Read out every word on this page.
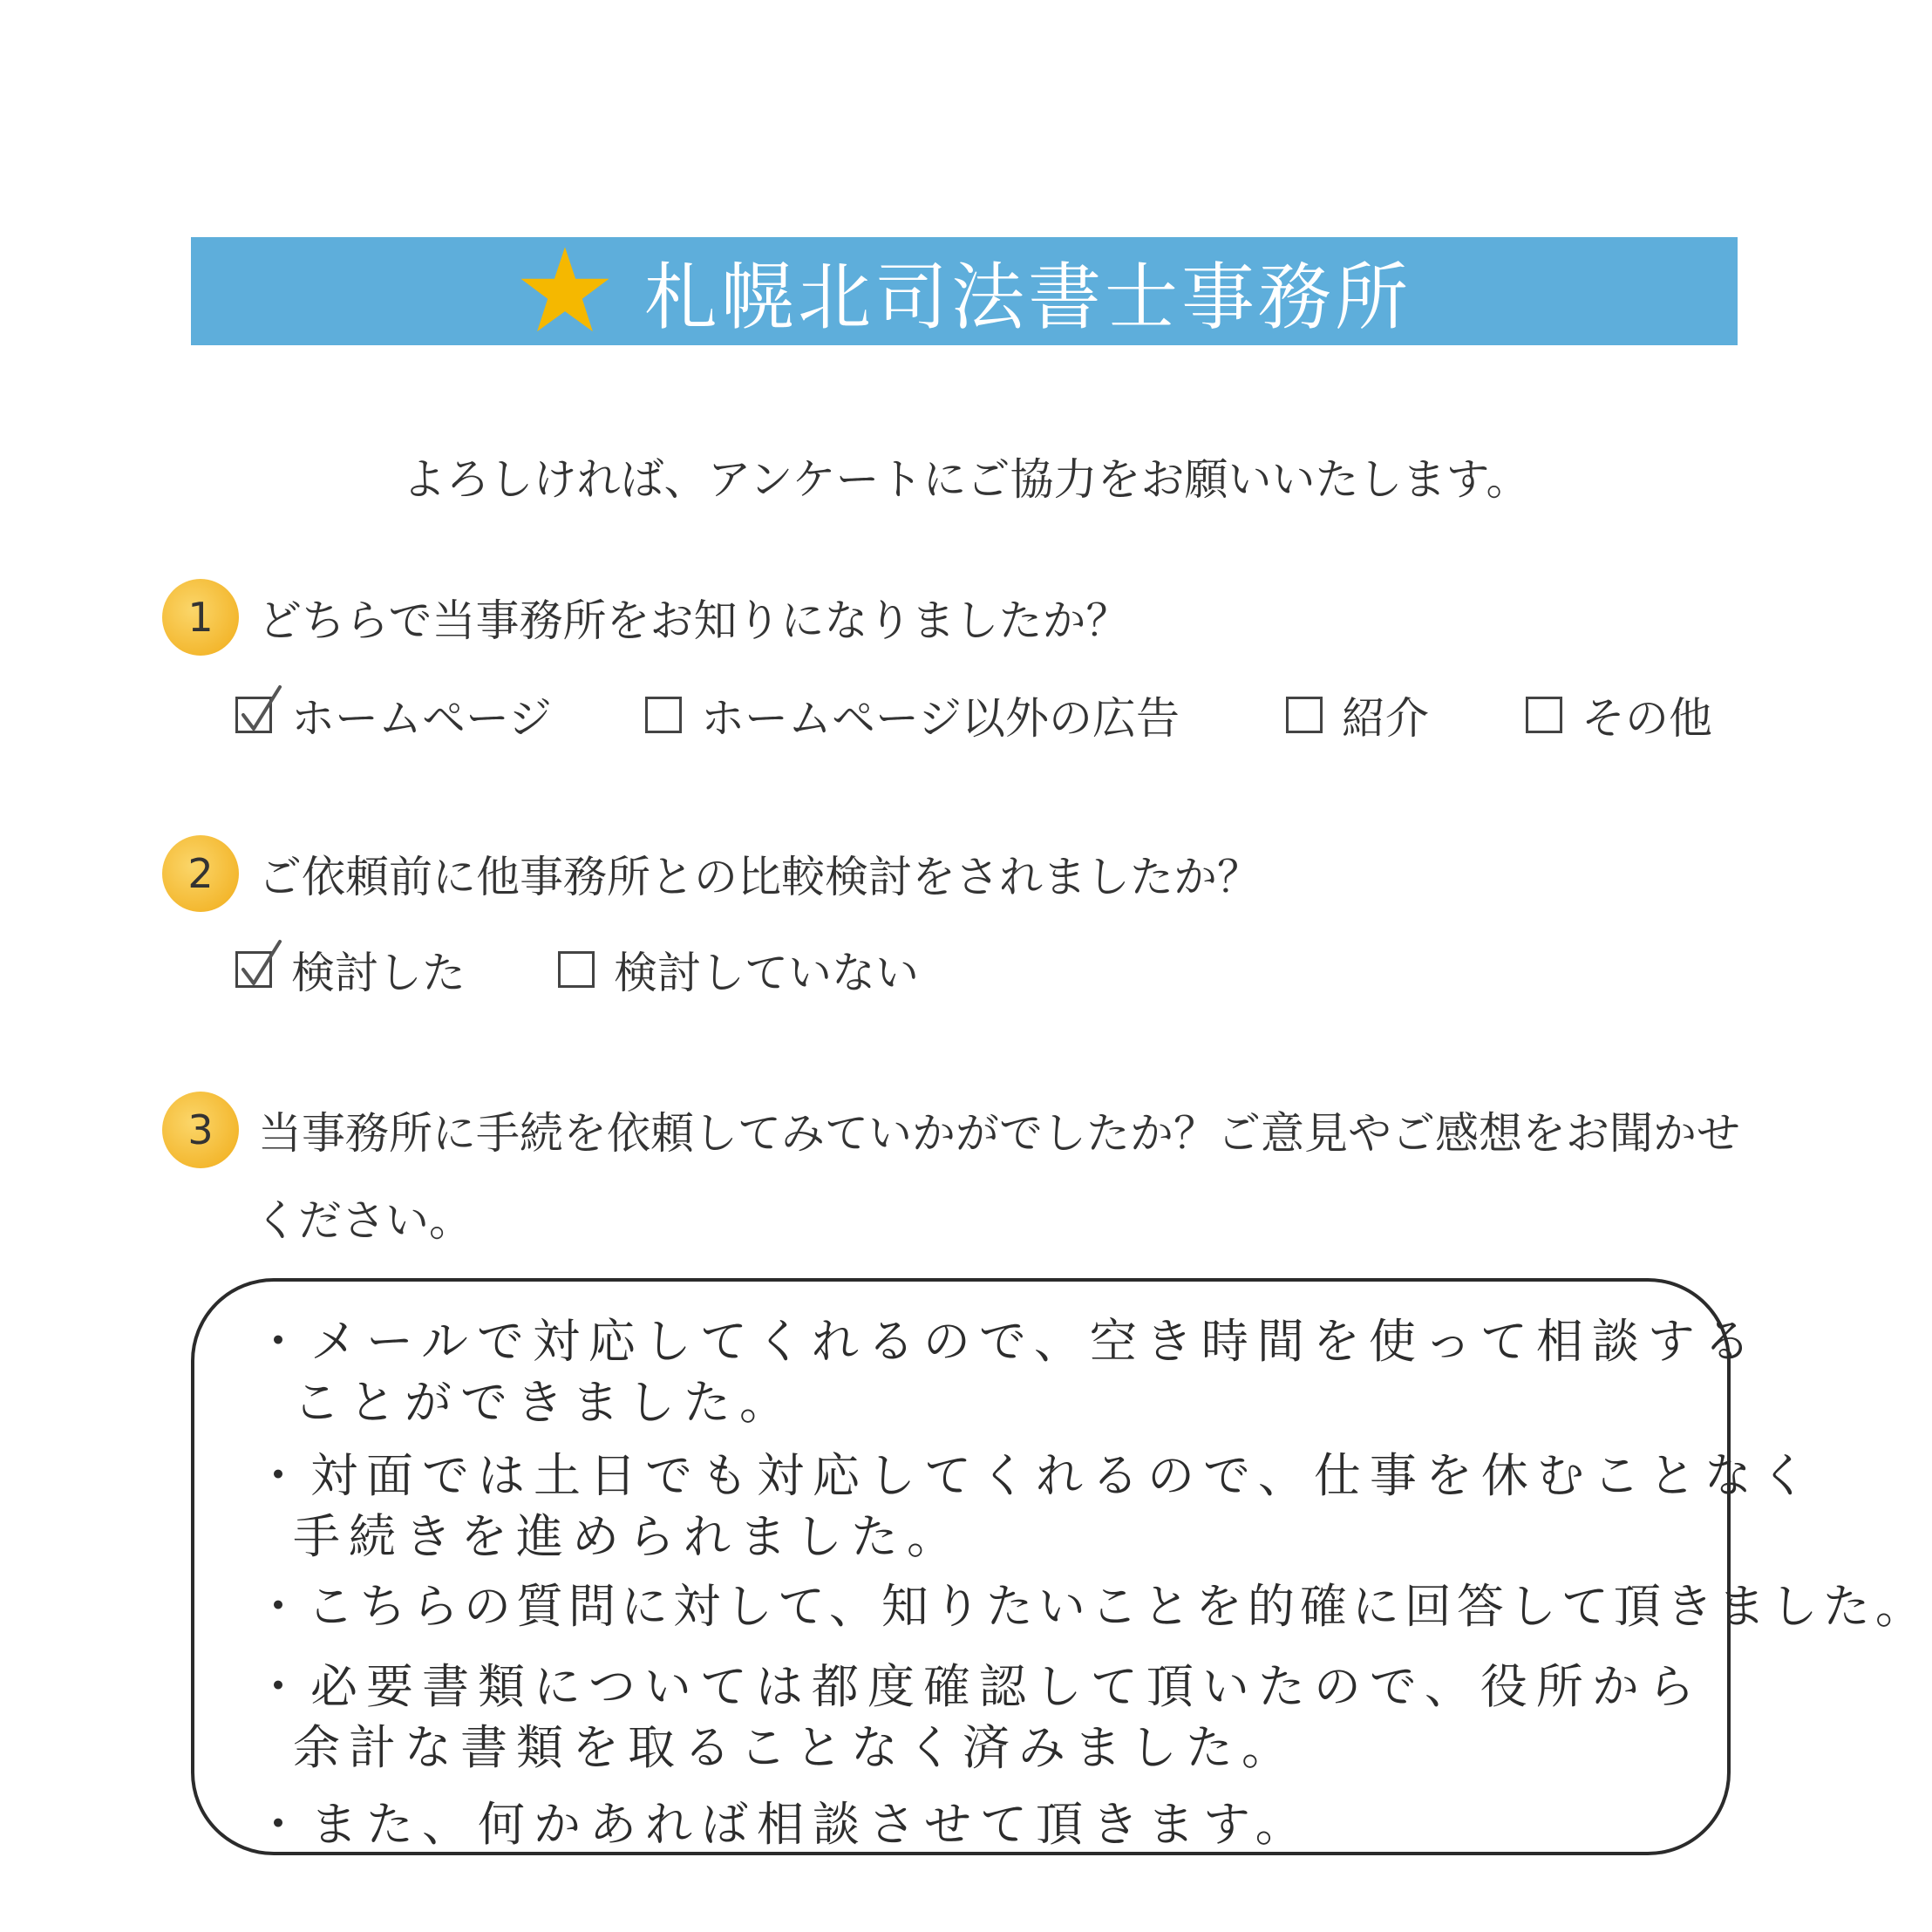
札幌北司法書士事務所
よろしければ、アンケートにご協力をお願いいたします。
1	どちらで当事務所をお知りになりましたか？
ホームページ	ホームページ以外の広告	紹介	その他
2	ご依頼前に他事務所との比較検討をされましたか？
検討した	検討していない
3	当事務所に手続を依頼してみていかがでしたか？ご意見やご感想をお聞かせ
ください。
・メールで対応してくれるので、空き時間を使って相談する
ことができました。
・対面では土日でも対応してくれるので、仕事を休むことなく
手続きを進められました。
・こちらの質問に対して、知りたいことを的確に回答して頂きました。
・必要書類については都度確認して頂いたので、役所から
余計な書類を取ることなく済みました。
・また、何かあれば相談させて頂きます。
